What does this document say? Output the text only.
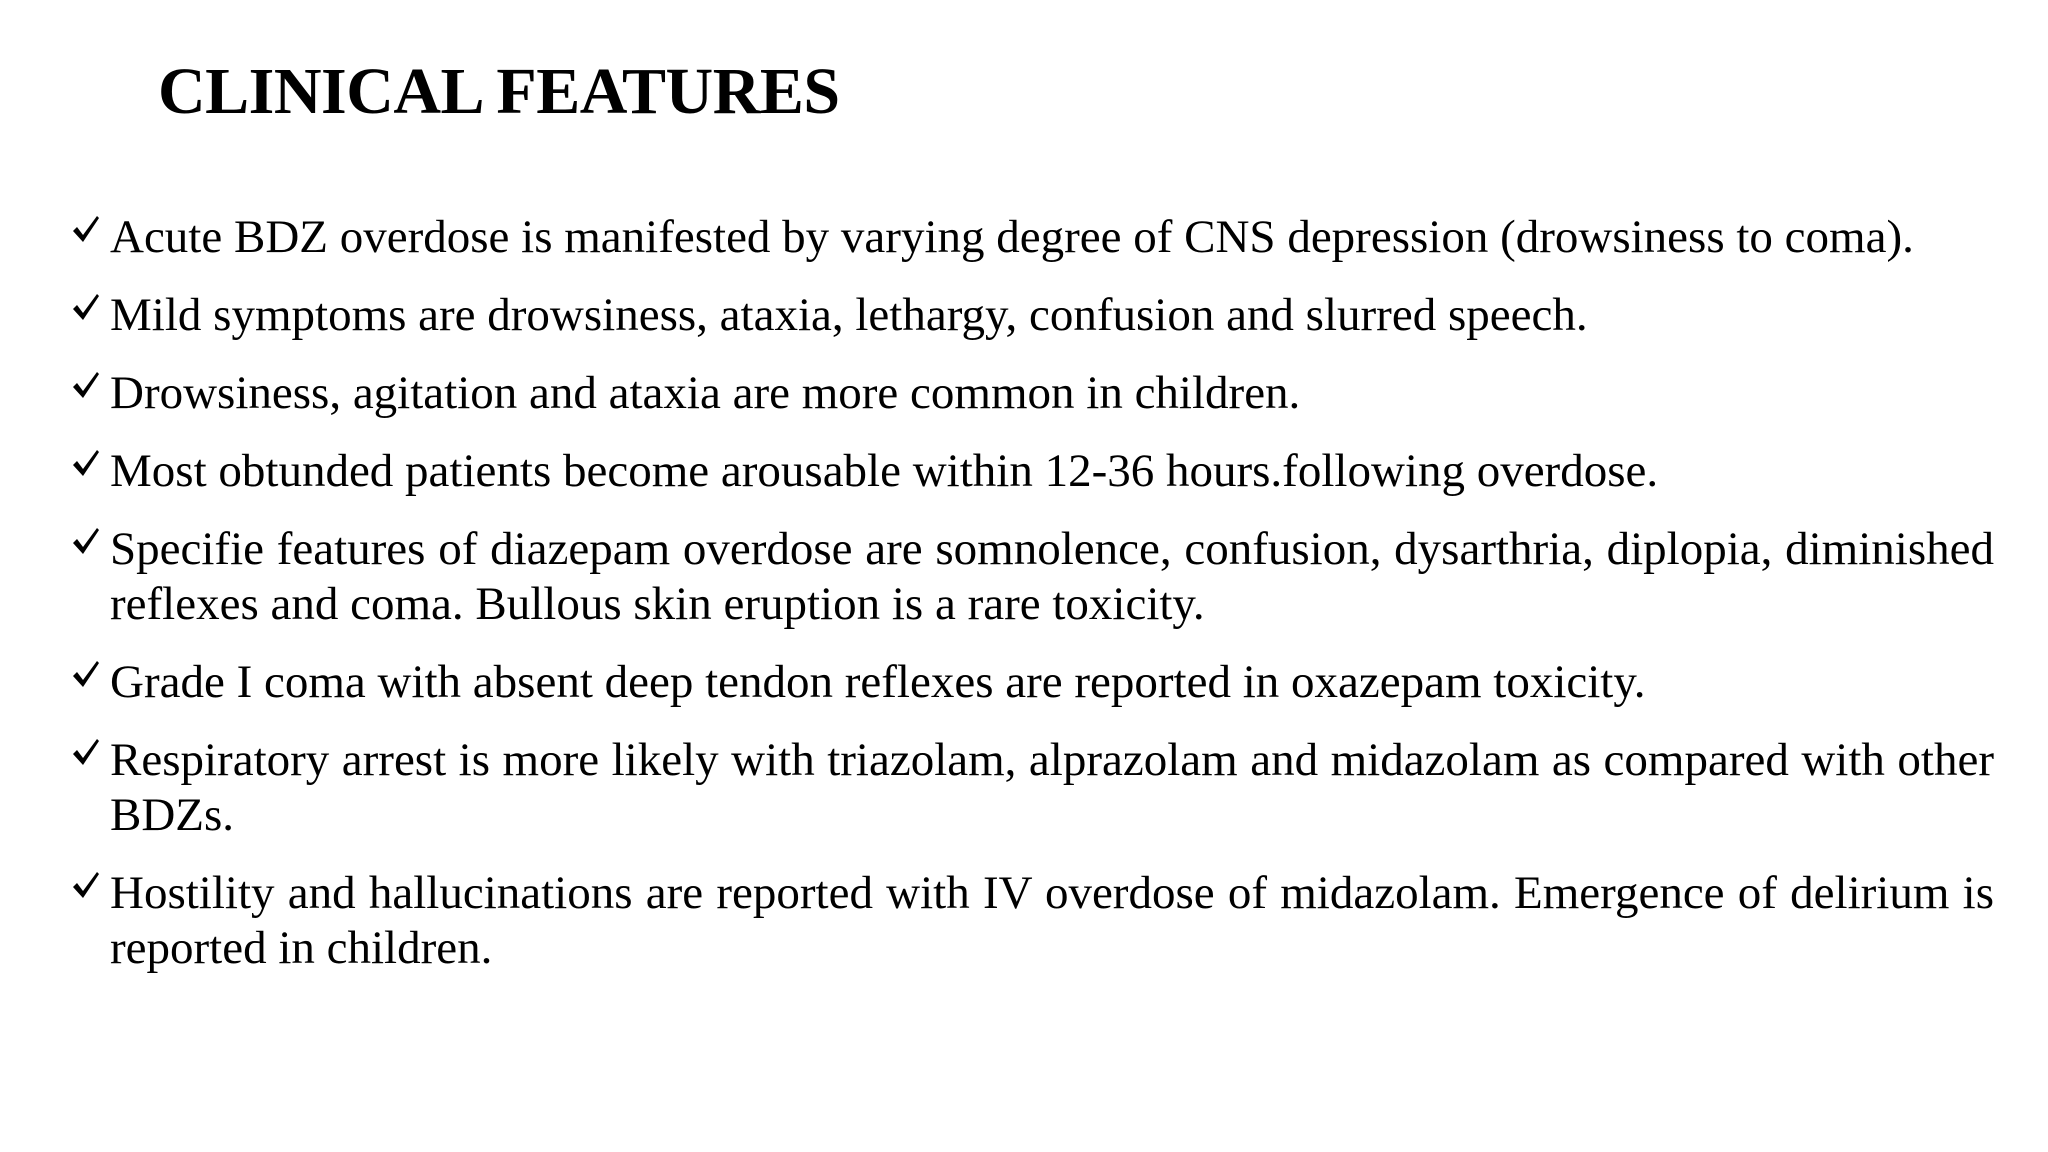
CLINICAL FEATURES
Acute BDZ overdose is manifested by varying degree of CNS depression (drowsiness to coma).
Mild symptoms are drowsiness, ataxia, lethargy, confusion and slurred speech.
Drowsiness, agitation and ataxia are more common in children.
Most obtunded patients become arousable within 12-36 hours.following overdose.
Specifie features of diazepam overdose are somnolence, confusion, dysarthria, diplopia, diminished reflexes and coma. Bullous skin eruption is a rare toxicity.
Grade I coma with absent deep tendon reflexes are reported in oxazepam toxicity.
Respiratory arrest is more likely with triazolam, alprazolam and midazolam as compared with other BDZs.
Hostility and hallucinations are reported with IV overdose of midazolam. Emergence of delirium is reported in children.
